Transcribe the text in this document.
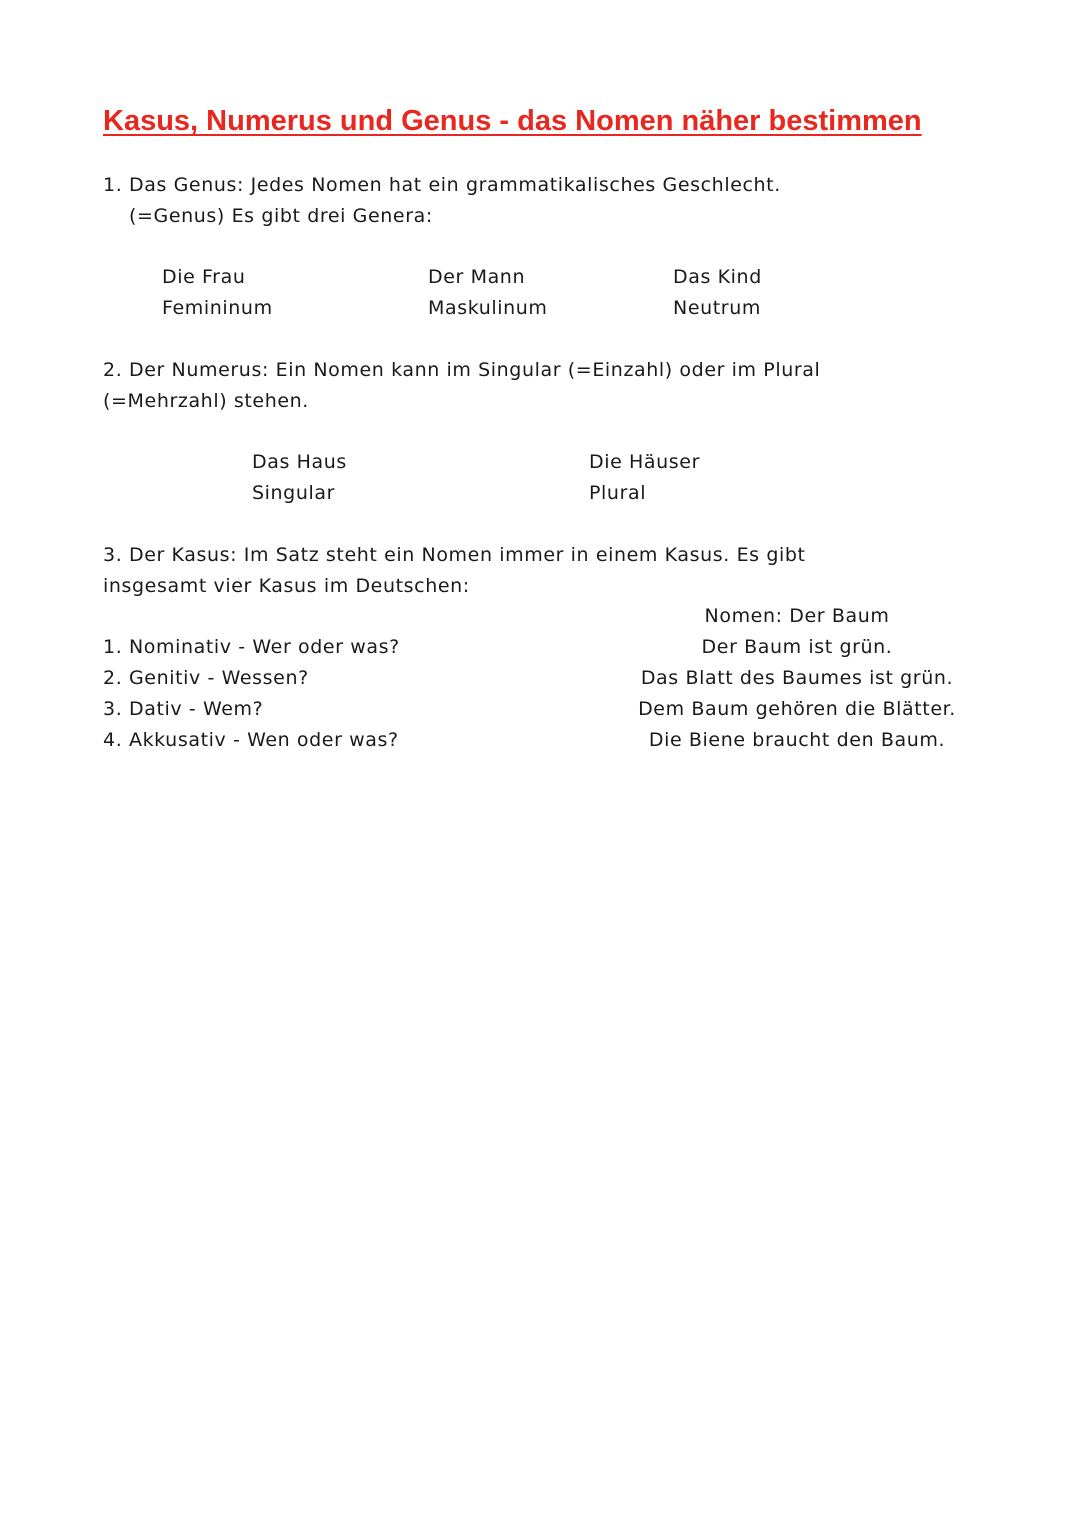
Kasus, Numerus und Genus - das Nomen näher bestimmen
1. Das Genus: Jedes Nomen hat ein grammatikalisches Geschlecht.
(=Genus) Es gibt drei Genera:
Die Frau
Femininum
Der Mann
Maskulinum
Das Kind
Neutrum
2. Der Numerus: Ein Nomen kann im Singular (=Einzahl) oder im Plural
(=Mehrzahl) stehen.
Das Haus
Singular
Die Häuser
Plural
3. Der Kasus: Im Satz steht ein Nomen immer in einem Kasus. Es gibt
insgesamt vier Kasus im Deutschen:
1. Nominativ - Wer oder was?
2. Genitiv - Wessen?
3. Dativ - Wem?
4. Akkusativ - Wen oder was?
Nomen: Der Baum
Der Baum ist grün.
Das Blatt des Baumes ist grün.
Dem Baum gehören die Blätter.
Die Biene braucht den Baum.
